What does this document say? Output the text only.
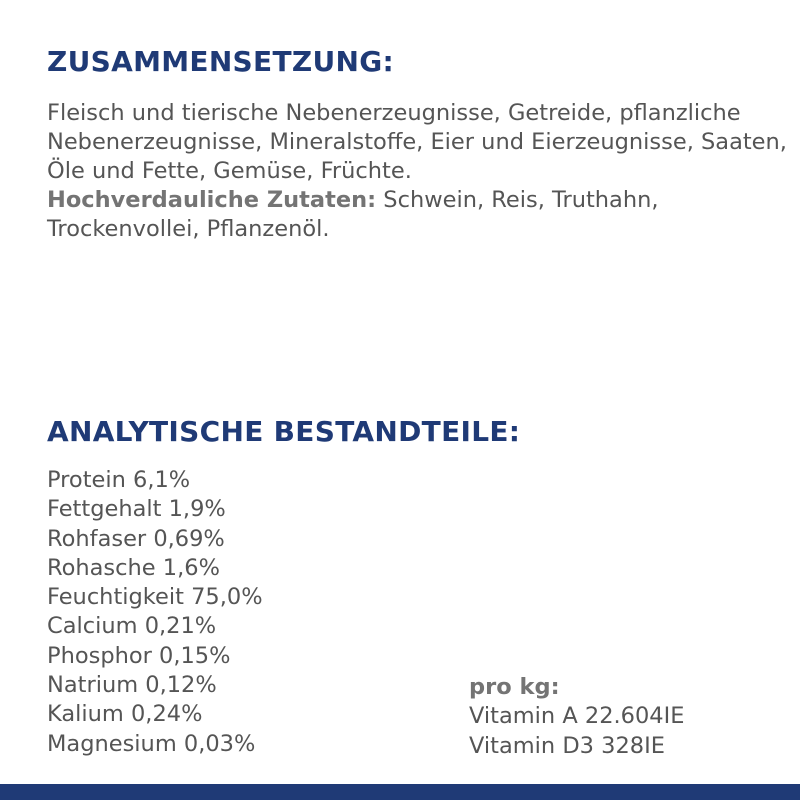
ZUSAMMENSETZUNG:

Fleisch und tierische Nebenerzeugnisse, Getreide, pflanzliche Nebenerzeugnisse, Mineralstoffe, Eier und Eierzeugnisse, Saaten, Öle und Fette, Gemüse, Früchte.

Hochverdauliche Zutaten: Schwein, Reis, Truthahn, Trockenvollei, Pflanzenöl.

ANALYTISCHE BESTANDTEILE:
Protein 6,1%
Fettgehalt 1,9%
Rohfaser 0,69%
Rohasche 1,6%
Feuchtigkeit 75,0%
Calcium 0,21%
Phosphor 0,15%
Natrium 0,12%
Kalium 0,24%
Magnesium 0,03%
pro kg:
Vitamin A 22.604IE
Vitamin D3 328IE
